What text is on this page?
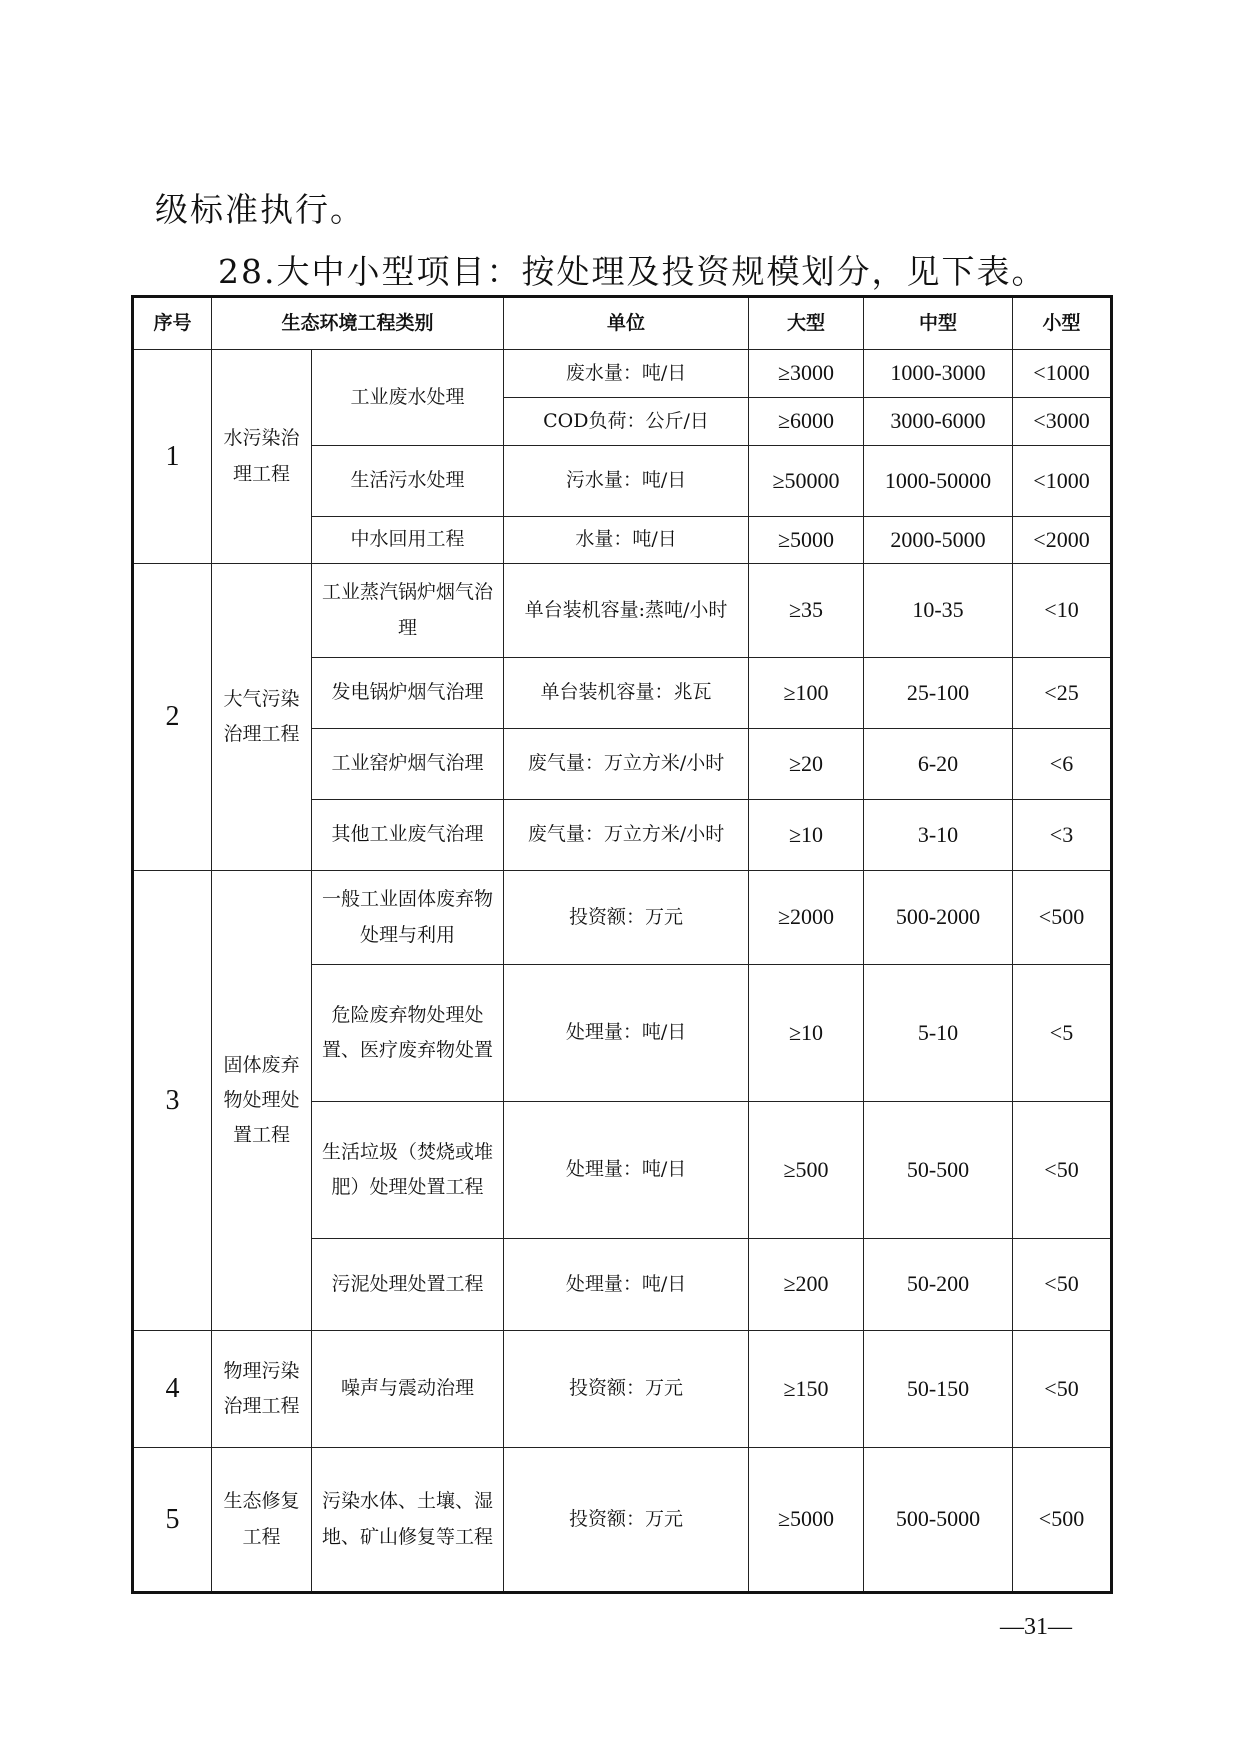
级标准执行。
28.大中小型项目：按处理及投资规模划分，见下表。
序号	生态环境工程类别		单位	大型	中型	小型
1	水污染治理工程	工业废水处理	废水量：吨/日	≥3000	1000-3000	<1000
			COD负荷：公斤/日	≥6000	3000-6000	<3000
		生活污水处理	污水量：吨/日	≥50000	1000-50000	<1000
		中水回用工程	水量：吨/日	≥5000	2000-5000	<2000
2	大气污染治理工程	工业蒸汽锅炉烟气治理	单台装机容量:蒸吨/小时	≥35	10-35	<10
		发电锅炉烟气治理	单台装机容量：兆瓦	≥100	25-100	<25
		工业窑炉烟气治理	废气量：万立方米/小时	≥20	6-20	<6
		其他工业废气治理	废气量：万立方米/小时	≥10	3-10	<3
3	固体废弃物处理处置工程	一般工业固体废弃物处理与利用	投资额：万元	≥2000	500-2000	<500
		危险废弃物处理处置、医疗废弃物处置	处理量：吨/日	≥10	5-10	<5
		生活垃圾（焚烧或堆肥）处理处置工程	处理量：吨/日	≥500	50-500	<50
		污泥处理处置工程	处理量：吨/日	≥200	50-200	<50
4	物理污染治理工程	噪声与震动治理	投资额：万元	≥150	50-150	<50
5	生态修复工程	污染水体、土壤、湿地、矿山修复等工程	投资额：万元	≥5000	500-5000	<500
—31—
